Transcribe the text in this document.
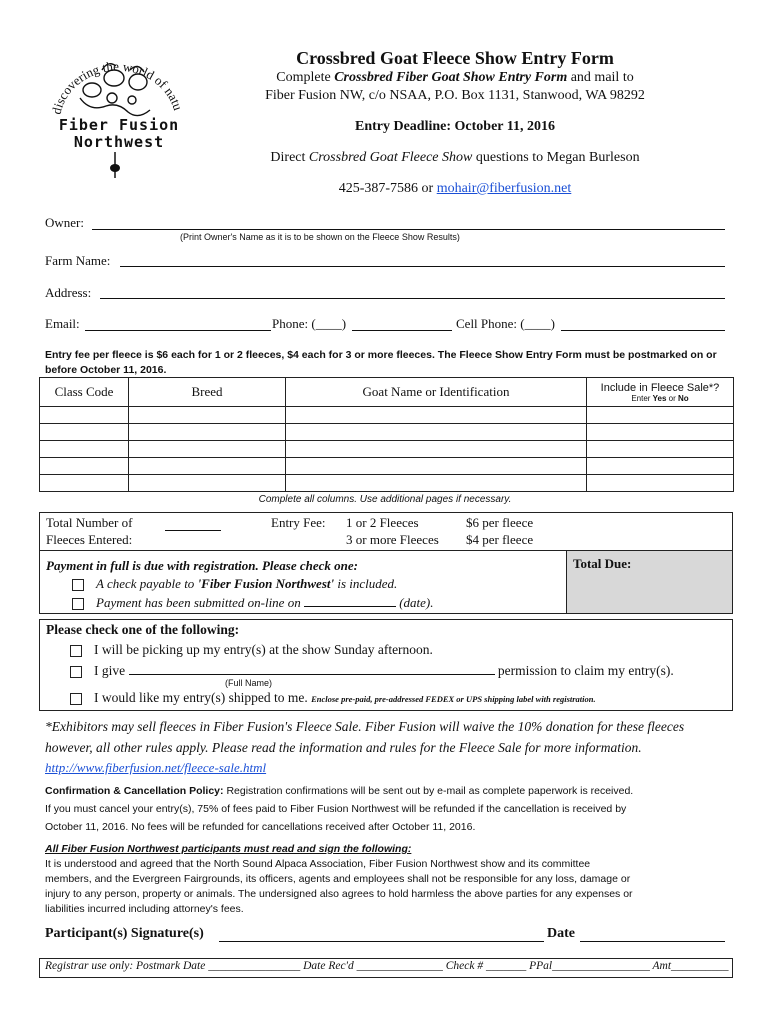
discovering the world of natu
Fiber Fusion
Northwest
Crossbred Goat Fleece Show Entry Form
Complete Crossbred Fiber Goat Show Entry Form and mail to
Fiber Fusion NW, c/o NSAA, P.O. Box 1131, Stanwood, WA 98292
Entry Deadline: October 11, 2016
Direct Crossbred Goat Fleece Show questions to Megan Burleson
425-387-7586 or mohair@fiberfusion.net
Owner:
(Print Owner's Name as it is to be shown on the Fleece Show Results)
Farm Name:
Address:
Email:	Phone: (____)	Cell Phone: (____)
Entry fee per fleece is $6 each for 1 or 2 fleeces, $4 each for 3 or more fleeces. The Fleece Show Entry Form must be postmarked on or before October 11, 2016.
Class Code	Breed	Goat Name or Identification	Include in Fleece Sale*?
Enter Yes or No

Complete all columns. Use additional pages if necessary.
Total Number of
Fleeces Entered:
Entry Fee: 1 or 2 Fleeces	$6 per fleece
3 or more Fleeces $4 per fleece
Total Due:
Payment in full is due with registration. Please check one:
A check payable to 'Fiber Fusion Northwest' is included.
Payment has been submitted on-line on	(date).
Please check one of the following:
I will be picking up my entry(s) at the show Sunday afternoon.
I give	permission to claim my entry(s).
(Full Name)
I would like my entry(s) shipped to me. Enclose pre-paid, pre-addressed FEDEX or UPS shipping label with registration.
*Exhibitors may sell fleeces in Fiber Fusion's Fleece Sale. Fiber Fusion will waive the 10% donation for these fleeces
however, all other rules apply. Please read the information and rules for the Fleece Sale for more information.
http://www.fiberfusion.net/fleece-sale.html
Confirmation & Cancellation Policy: Registration confirmations will be sent out by e-mail as complete paperwork is received.
If you must cancel your entry(s), 75% of fees paid to Fiber Fusion Northwest will be refunded if the cancellation is received by
October 11, 2016. No fees will be refunded for cancellations received after October 11, 2016.
All Fiber Fusion Northwest participants must read and sign the following:
It is understood and agreed that the North Sound Alpaca Association, Fiber Fusion Northwest show and its committee
members, and the Evergreen Fairgrounds, its officers, agents and employees shall not be responsible for any loss, damage or
injury to any person, property or animals. The undersigned also agrees to hold harmless the above parties for any expenses or
liabilities incurred including attorney's fees.
Participant(s) Signature(s)	Date
Registrar use only: Postmark Date ________________ Date Rec'd _______________ Check # _______ PPal_________________ Amt__________
